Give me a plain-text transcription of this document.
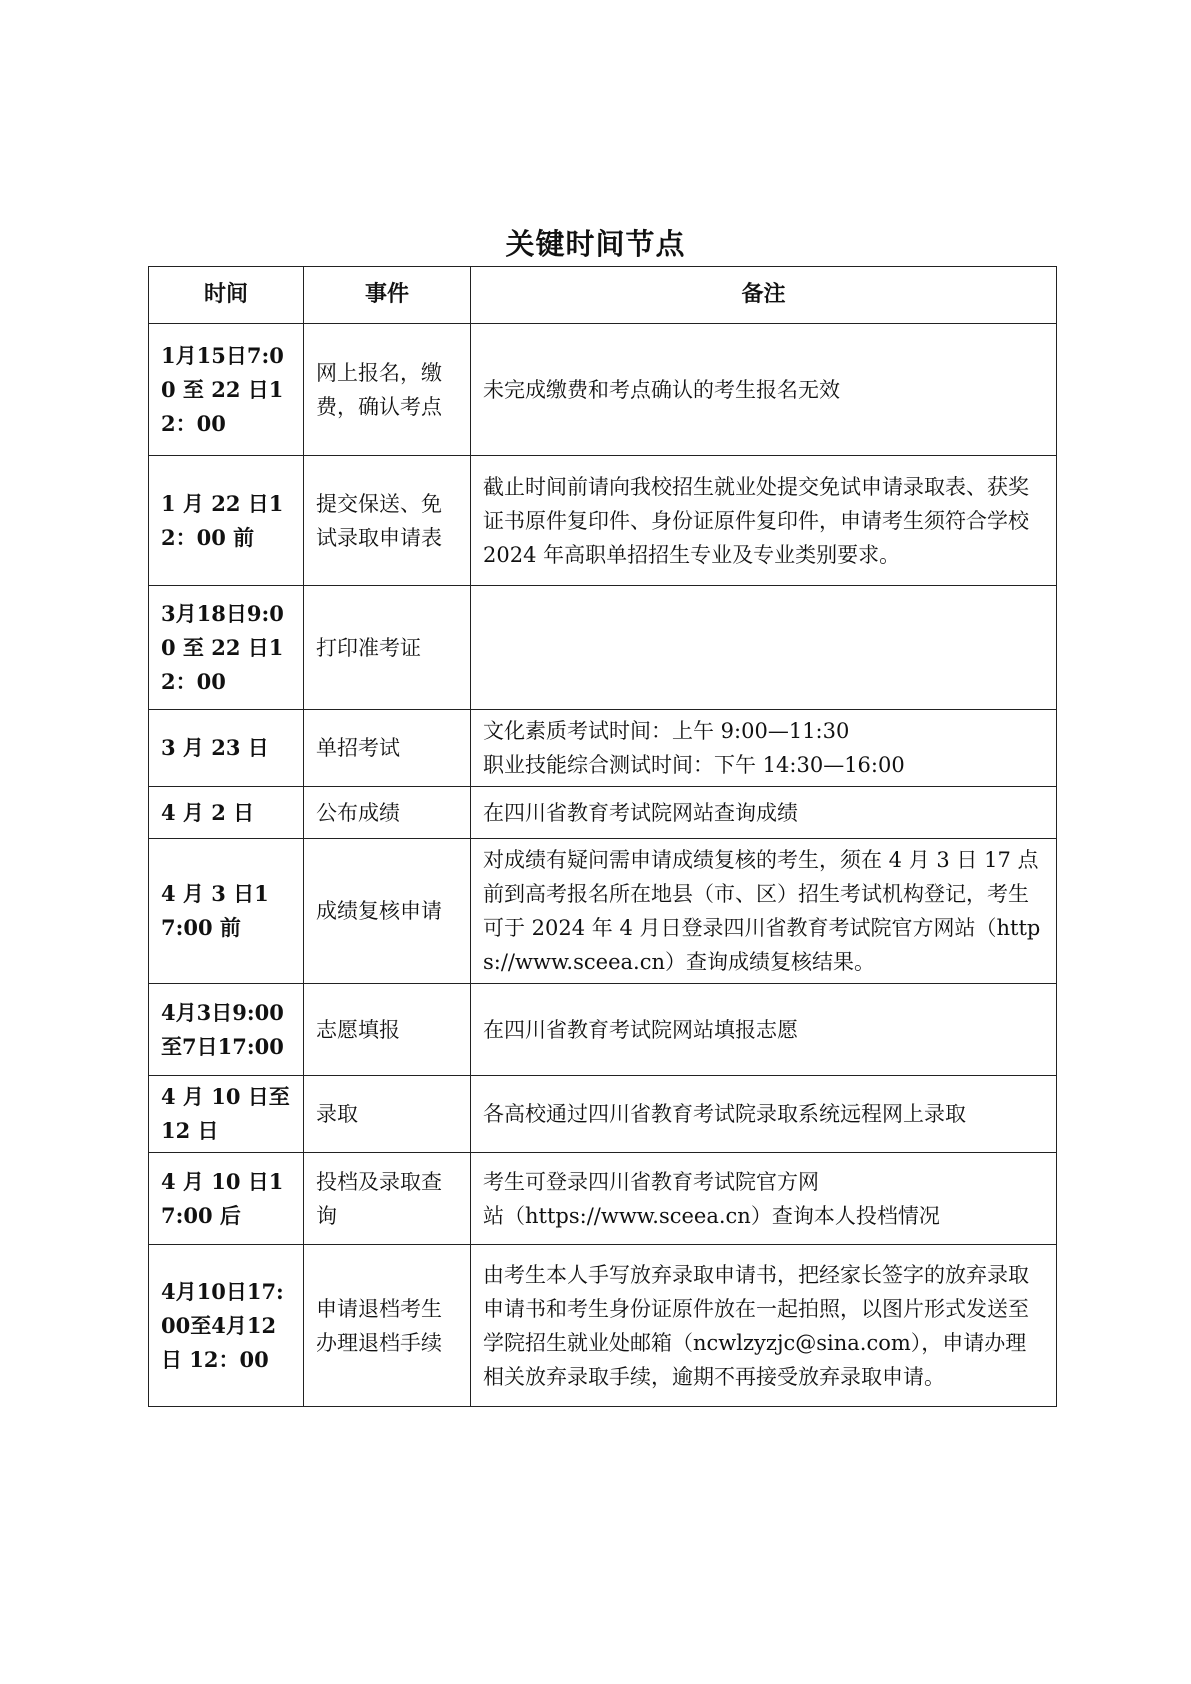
关键时间节点
时间	事件	备注
1月15日7:00 至 22 日12：00	网上报名，缴费，确认考点	未完成缴费和考点确认的考生报名无效
1 月 22 日12：00 前	提交保送、免试录取申请表	截止时间前请向我校招生就业处提交免试申请录取表、获奖证书原件复印件、身份证原件复印件，申请考生须符合学校 2024 年高职单招招生专业及专业类别要求。
3月18日9:00 至 22 日12：00	打印准考证	
3 月 23 日	单招考试	文化素质考试时间：上午 9:00—11:30
职业技能综合测试时间：下午 14:30—16:00

4 月 2 日	公布成绩	在四川省教育考试院网站查询成绩
4 月 3 日17:00 前	成绩复核申请	对成绩有疑问需申请成绩复核的考生，须在 4 月 3 日 17 点前到高考报名所在地县（市、区）招生考试机构登记，考生可于 2024 年 4 月日登录四川省教育考试院官方网站（https://www.sceea.cn）查询成绩复核结果。
4月3日9:00至7日17:00	志愿填报	在四川省教育考试院网站填报志愿
4 月 10 日至12 日	录取	各高校通过四川省教育考试院录取系统远程网上录取
4 月 10 日17:00 后	投档及录取查询	考生可登录四川省教育考试院官方网
站（https://www.sceea.cn）查询本人投档情况

4月10日17:00至4月12日 12：00	申请退档考生办理退档手续	由考生本人手写放弃录取申请书，把经家长签字的放弃录取申请书和考生身份证原件放在一起拍照，以图片形式发送至学院招生就业处邮箱（ncwlzyzjc@sina.com），申请办理相关放弃录取手续，逾期不再接受放弃录取申请。
